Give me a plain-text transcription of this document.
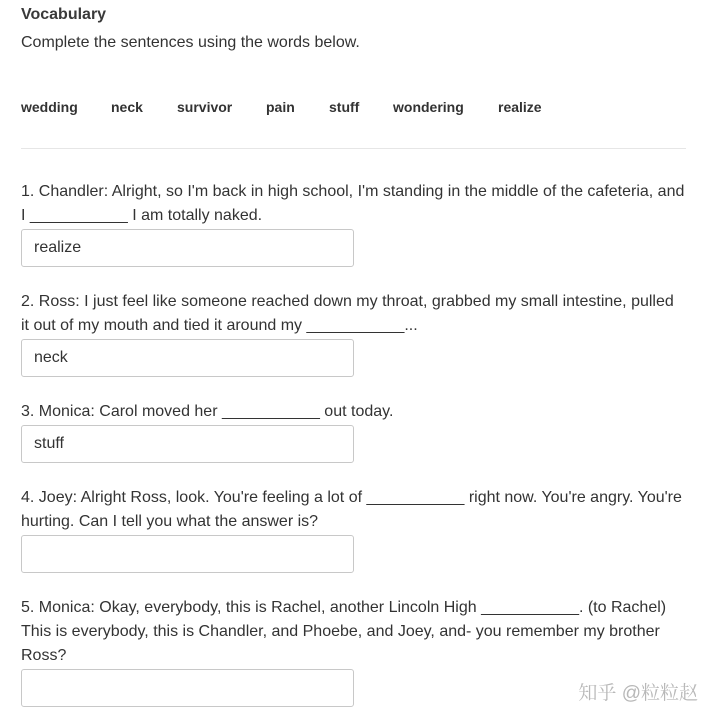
Vocabulary
Complete the sentences using the words below.
wedding neck survivor pain stuff wondering realize
1. Chandler: Alright, so I'm back in high school, I'm standing in the middle of the cafeteria, and
I ___________ I am totally naked.
realize
2. Ross: I just feel like someone reached down my throat, grabbed my small intestine, pulled
it out of my mouth and tied it around my ___________...
neck
3. Monica: Carol moved her ___________ out today.
stuff
4. Joey: Alright Ross, look. You're feeling a lot of ___________ right now. You're angry. You're
hurting. Can I tell you what the answer is?
5. Monica: Okay, everybody, this is Rachel, another Lincoln High ___________. (to Rachel)
This is everybody, this is Chandler, and Phoebe, and Joey, and- you remember my brother
Ross?
知乎 @粒粒赵
